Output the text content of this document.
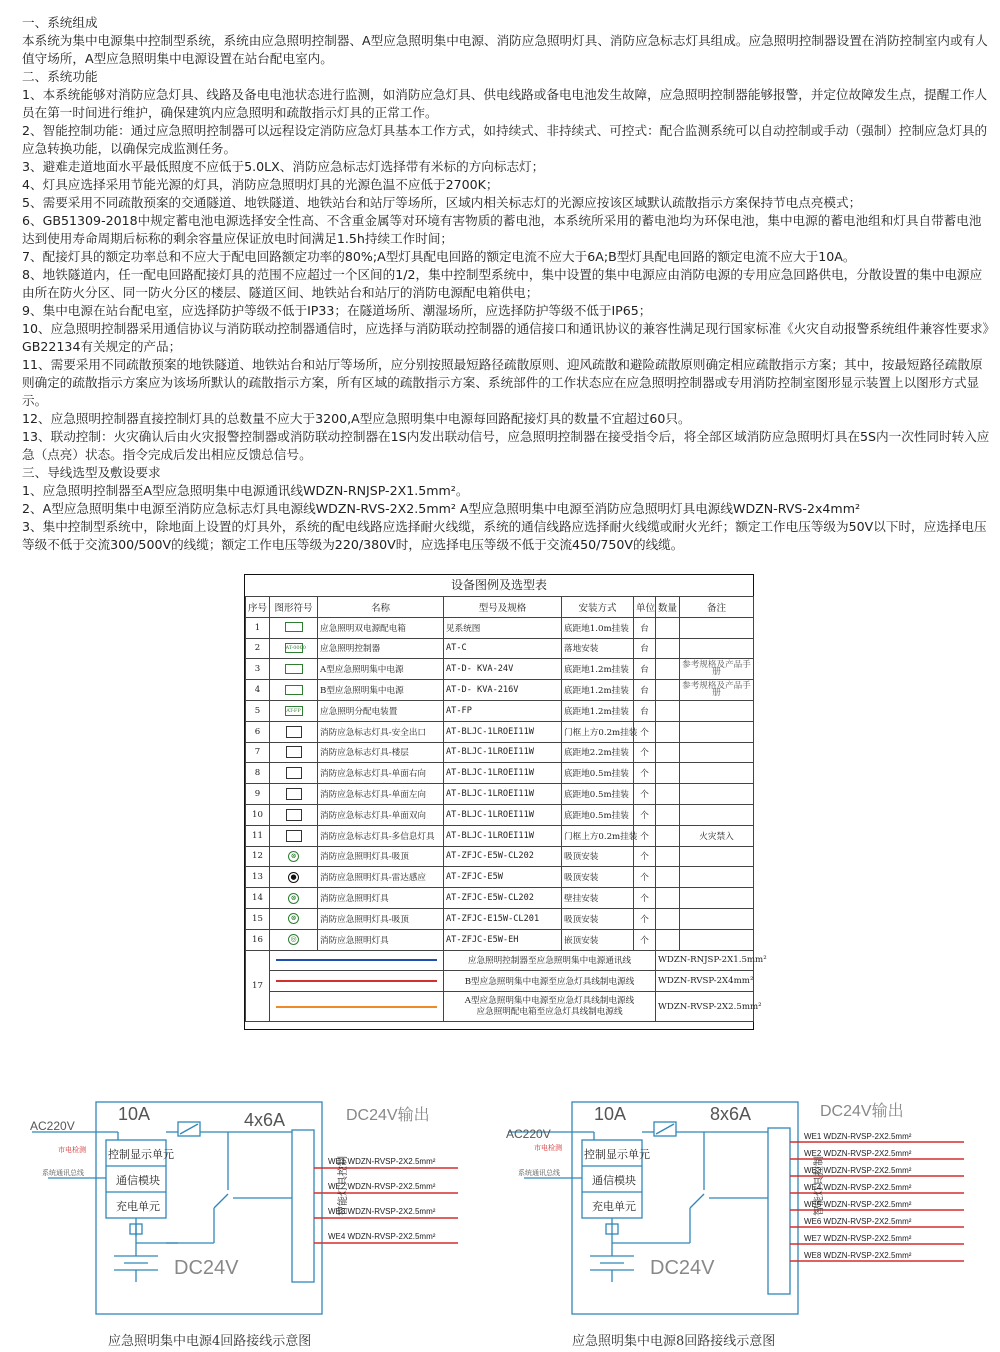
一、系统组成

本系统为集中电源集中控制型系统，系统由应急照明控制器、A型应急照明集中电源、消防应急照明灯具、消防应急标志灯具组成。应急照明控制器设置在消防控制室内或有人值守场所，A型应急照明集中电源设置在站台配电室内。

二、系统功能

1、本系统能够对消防应急灯具、线路及备电电池状态进行监测，如消防应急灯具、供电线路或备电电池发生故障，应急照明控制器能够报警，并定位故障发生点，提醒工作人员在第一时间进行维护，确保建筑内应急照明和疏散指示灯具的正常工作。

2、智能控制功能：通过应急照明控制器可以远程设定消防应急灯具基本工作方式，如持续式、非持续式、可控式：配合监测系统可以自动控制或手动（强制）控制应急灯具的应急转换功能，以确保完成监测任务。

3、避难走道地面水平最低照度不应低于5.0LX、消防应急标志灯选择带有米标的方向标志灯；

4、灯具应选择采用节能光源的灯具，消防应急照明灯具的光源色温不应低于2700K；

5、需要采用不同疏散预案的交通隧道、地铁隧道、地铁站台和站厅等场所，区域内相关标志灯的光源应按该区域默认疏散指示方案保持节电点亮模式；

6、GB51309-2018中规定蓄电池电源选择安全性高、不含重金属等对环境有害物质的蓄电池，本系统所采用的蓄电池均为环保电池，集中电源的蓄电池组和灯具自带蓄电池达到使用寿命周期后标称的剩余容量应保证放电时间满足1.5h持续工作时间；

7、配接灯具的额定功率总和不应大于配电回路额定功率的80%;A型灯具配电回路的额定电流不应大于6A;B型灯具配电回路的额定电流不应大于10A。

8、地铁隧道内，任一配电回路配接灯具的范围不应超过一个区间的1/2，集中控制型系统中，集中设置的集中电源应由消防电源的专用应急回路供电，分散设置的集中电源应由所在防火分区、同一防火分区的楼层、隧道区间、地铁站台和站厅的消防电源配电箱供电；

9、集中电源在站台配电室，应选择防护等级不低于IP33；在隧道场所、潮湿场所，应选择防护等级不低于IP65；

10、应急照明控制器采用通信协议与消防联动控制器通信时，应选择与消防联动控制器的通信接口和通讯协议的兼容性满足现行国家标准《火灾自动报警系统组件兼容性要求》GB22134有关规定的产品；

11、需要采用不同疏散预案的地铁隧道、地铁站台和站厅等场所，应分别按照最短路径疏散原则、迎风疏散和避险疏散原则确定相应疏散指示方案；其中，按最短路径疏散原则确定的疏散指示方案应为该场所默认的疏散指示方案，所有区域的疏散指示方案、系统部件的工作状态应在应急照明控制器或专用消防控制室图形显示装置上以图形方式显示。

12、应急照明控制器直接控制灯具的总数量不应大于3200,A型应急照明集中电源每回路配接灯具的数量不宜超过60只。

13、联动控制：火灾确认后由火灾报警控制器或消防联动控制器在1S内发出联动信号，应急照明控制器在接受指令后，将全部区域消防应急照明灯具在5S内一次性同时转入应急（点亮）状态。指令完成后发出相应反馈总信号。

三、导线选型及敷设要求

1、应急照明控制器至A型应急照明集中电源通讯线WDZN-RNJSP-2X1.5mm²。

2、A型应急照明集中电源至消防应急标志灯具电源线WDZN-RVS-2X2.5mm² A型应急照明集中电源至消防应急照明灯具电源线WDZN-RVS-2x4mm²

3、集中控制型系统中，除地面上设置的灯具外，系统的配电线路应选择耐火线缆，系统的通信线路应选择耐火线缆或耐火光纤；额定工作电压等级为50V以下时，应选择电压等级不低于交流300/500V的线缆；额定工作电压等级为220/380V时，应选择电压等级不低于交流450/750V的线缆。

设备图例及选型表
序号	图形符号	名称	型号及规格	安装方式	单位	数量	备注
1		应急照明双电源配电箱	见系统图	底距地1.0m挂装	台		
2	AT-0000	应急照明控制器	AT-C	落地安装	台		
3		A型应急照明集中电源	AT-D- KVA-24V	底距地1.2m挂装	台		参考规格及产品手册
4		B型应急照明集中电源	AT-D- KVA-216V	底距地1.2m挂装	台		参考规格及产品手册
5	AT-FP	应急照明分配电装置	AT-FP	底距地1.2m挂装	台		
6		消防应急标志灯具-安全出口	AT-BLJC-1LROEI11W	门框上方0.2m挂装	个		
7		消防应急标志灯具-楼层	AT-BLJC-1LROEI11W	底距地2.2m挂装	个		
8		消防应急标志灯具-单面右向	AT-BLJC-1LROEI11W	底距地0.5m挂装	个		
9		消防应急标志灯具-单面左向	AT-BLJC-1LROEI11W	底距地0.5m挂装	个		
10		消防应急标志灯具-单面双向	AT-BLJC-1LROEI11W	底距地0.5m挂装	个		
11		消防应急标志灯具-多信息灯具	AT-BLJC-1LROEI11W	门框上方0.2m挂装	个		火灾禁入
12	⊗	消防应急照明灯具-吸顶	AT-ZFJC-E5W-CL202	吸顶安装	个		
13	●	消防应急照明灯具-雷达感应	AT-ZFJC-E5W	吸顶安装	个		
14	⊗	消防应急照明灯具	AT-ZFJC-E5W-CL202	壁挂安装	个		
15	⊗	消防应急照明灯具-吸顶	AT-ZFJC-E15W-CL201	吸顶安装	个		
16	◎	消防应急照明灯具	AT-ZFJC-E5W-EH	嵌顶安装	个		
17			应急照明控制器至应急照明集中电源通讯线			WDZN-RNJSP-2X1.5mm²	

			B型应急照明集中电源至应急灯具线制电源线			WDZN-RVSP-2X4mm²	

			A型应急照明集中电源至应急灯具线制电源线
应急照明配电箱至应急灯具线制电源线			WDZN-RVSP-2X2.5mm²	
AC220V
市电检测
系统通讯总线
10A	4x6A	DC24V输出
控制显示单元
通信模块
充电单元	智能灯具控制
DC24V
WE1 WDZN-RVSP-2X2.5mm²
WE2 WDZN-RVSP-2X2.5mm²
WE3 WDZN-RVSP-2X2.5mm²
WE4 WDZN-RVSP-2X2.5mm²
应急照明集中电源4回路接线示意图
AC220V
市电检测
系统通讯总线
10A	8x6A	DC24V输出
控制显示单元
通信模块
充电单元	智能灯具控制
DC24V
WE1 WDZN-RVSP-2X2.5mm²
WE2 WDZN-RVSP-2X2.5mm²
WE3 WDZN-RVSP-2X2.5mm²
WE4 WDZN-RVSP-2X2.5mm²
WE5 WDZN-RVSP-2X2.5mm²
WE6 WDZN-RVSP-2X2.5mm²
WE7 WDZN-RVSP-2X2.5mm²
WE8 WDZN-RVSP-2X2.5mm²
应急照明集中电源8回路接线示意图
